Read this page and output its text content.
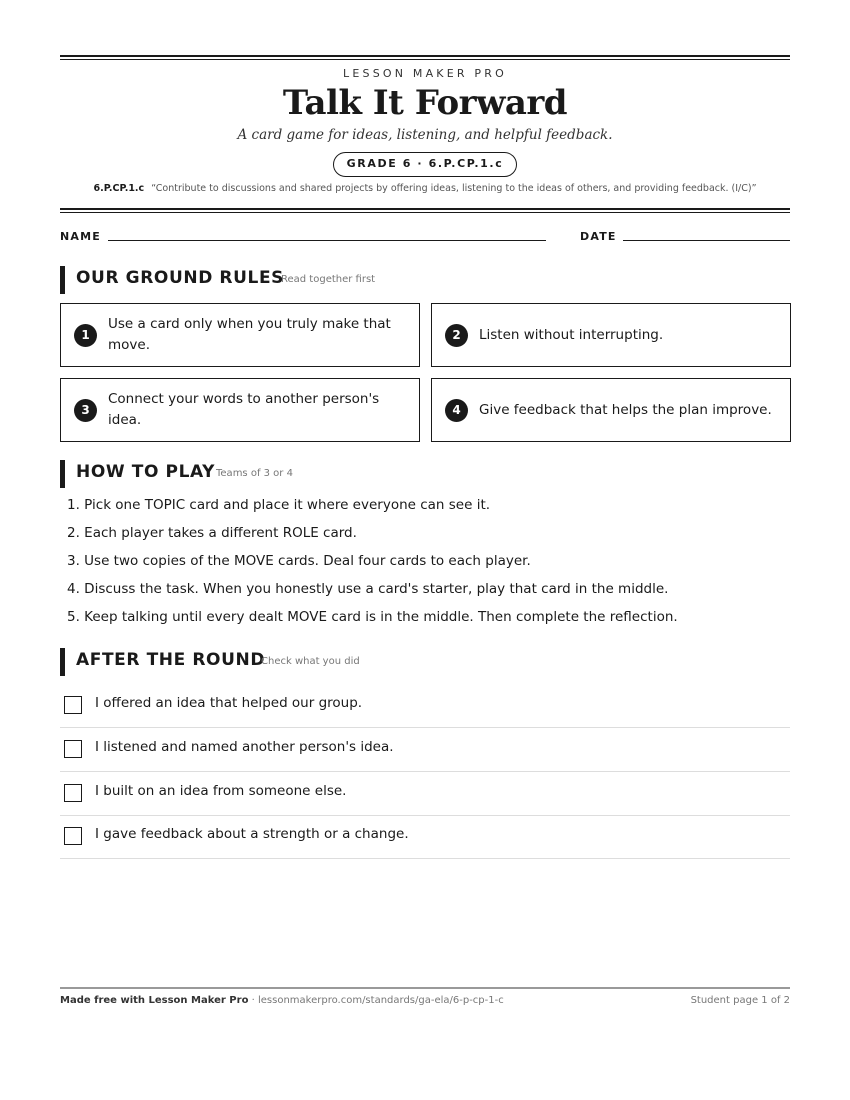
LESSON MAKER PRO
Talk It Forward
A card game for ideas, listening, and helpful feedback.
GRADE 6 · 6.P.CP.1.c
6.P.CP.1.c “Contribute to discussions and shared projects by offering ideas, listening to the ideas of others, and providing feedback. (I/C)”
NAME	DATE
OUR GROUND RULES
Read together first
1
Use a card only when you truly make that move.
2	Listen without interrupting.
3
Connect your words to another person's idea.
4	Give feedback that helps the plan improve.
HOW TO PLAY Teams of 3 or 4
1. Pick one TOPIC card and place it where everyone can see it.
2. Each player takes a different ROLE card.
3. Use two copies of the MOVE cards. Deal four cards to each player.
4. Discuss the task. When you honestly use a card's starter, play that card in the middle.
5. Keep talking until every dealt MOVE card is in the middle. Then complete the reflection.
AFTER THE ROUND
Check what you did
I offered an idea that helped our group.
I listened and named another person's idea.
I built on an idea from someone else.
I gave feedback about a strength or a change.
Made free with Lesson Maker Pro · lessonmakerpro.com/standards/ga-ela/6-p-cp-1-c	Student page 1 of 2
